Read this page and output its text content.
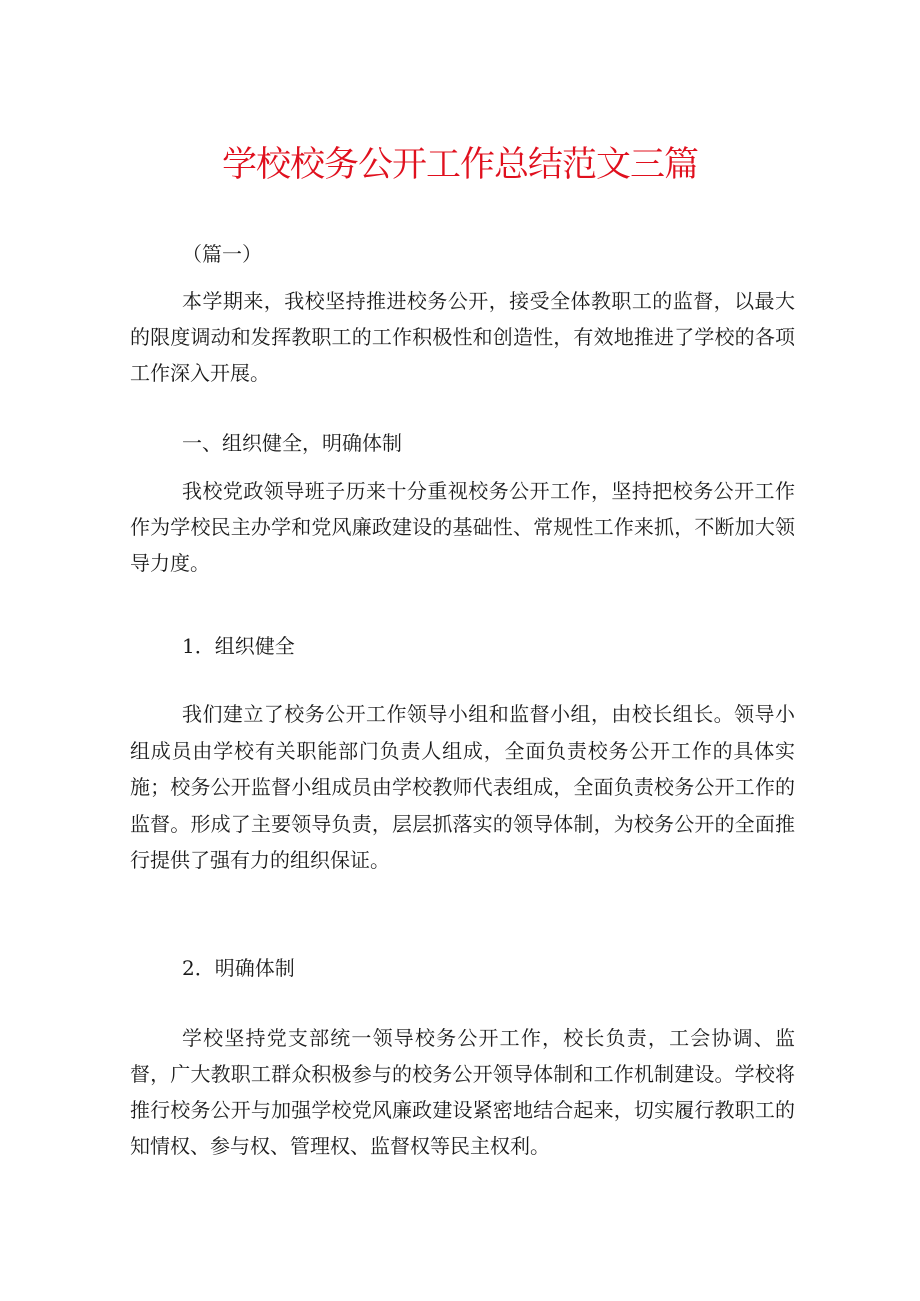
学校校务公开工作总结范文三篇

（篇一）

本学期来，我校坚持推进校务公开，接受全体教职工的监督，以最大的限度调动和发挥教职工的工作积极性和创造性，有效地推进了学校的各项工作深入开展。

一、组织健全，明确体制

我校党政领导班子历来十分重视校务公开工作，坚持把校务公开工作作为学校民主办学和党风廉政建设的基础性、常规性工作来抓，不断加大领导力度。

1．组织健全

我们建立了校务公开工作领导小组和监督小组，由校长组长。领导小组成员由学校有关职能部门负责人组成，全面负责校务公开工作的具体实施；校务公开监督小组成员由学校教师代表组成，全面负责校务公开工作的监督。形成了主要领导负责，层层抓落实的领导体制，为校务公开的全面推行提供了强有力的组织保证。

2．明确体制

学校坚持党支部统一领导校务公开工作，校长负责，工会协调、监督，广大教职工群众积极参与的校务公开领导体制和工作机制建设。学校将推行校务公开与加强学校党风廉政建设紧密地结合起来，切实履行教职工的知情权、参与权、管理权、监督权等民主权利。
